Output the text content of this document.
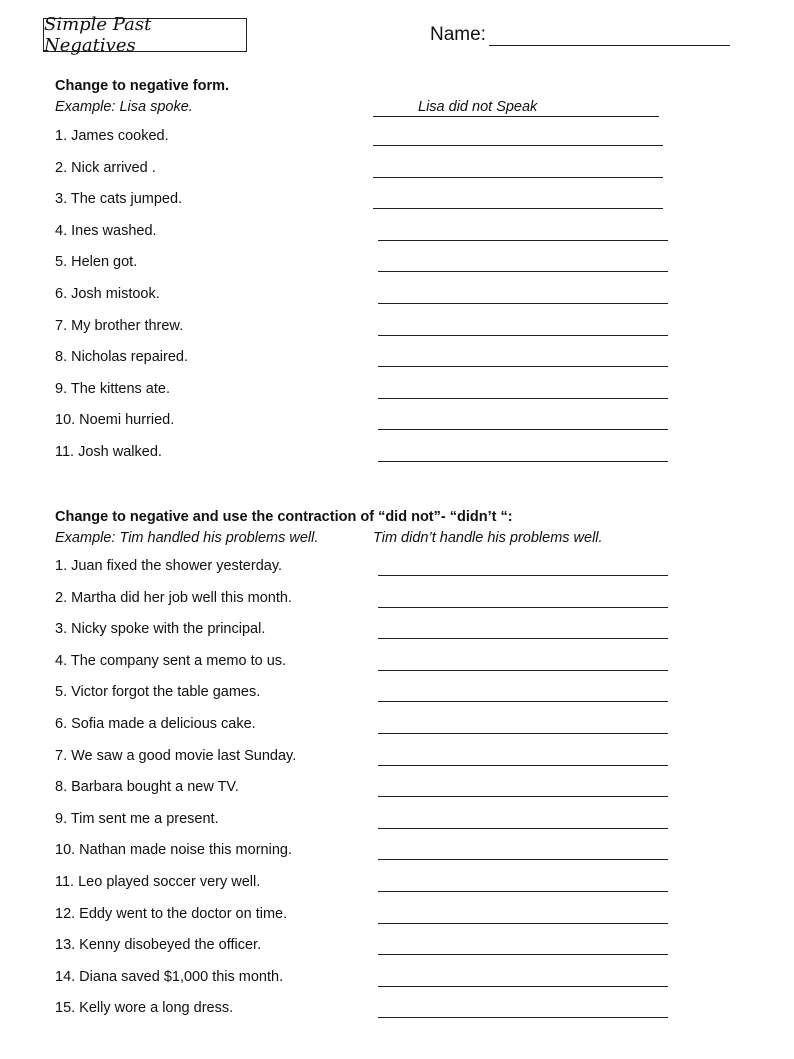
Simple Past Negatives
Name:
Change to negative form.
Example: Lisa spoke.	Lisa did not Speak
1. James cooked.
2. Nick arrived .
3. The cats jumped.
4. Ines washed.
5. Helen got.
6. Josh mistook.
7. My brother threw.
8. Nicholas repaired.
9. The kittens ate.
10. Noemi hurried.
11. Josh walked.
Change to negative and use the contraction of “did not”- “didn’t “:
Example: Tim handled his problems well.	Tim didn’t handle his problems well.
1. Juan fixed the shower yesterday.
2. Martha did her job well this month.
3. Nicky spoke with the principal.
4. The company sent a memo to us.
5. Victor forgot the table games.
6. Sofia made a delicious cake.
7. We saw a good movie last Sunday.
8. Barbara bought a new TV.
9. Tim sent me a present.
10. Nathan made noise this morning.
11. Leo played soccer very well.
12. Eddy went to the doctor on time.
13. Kenny disobeyed the officer.
14. Diana saved $1,000 this month.
15. Kelly wore a long dress.
